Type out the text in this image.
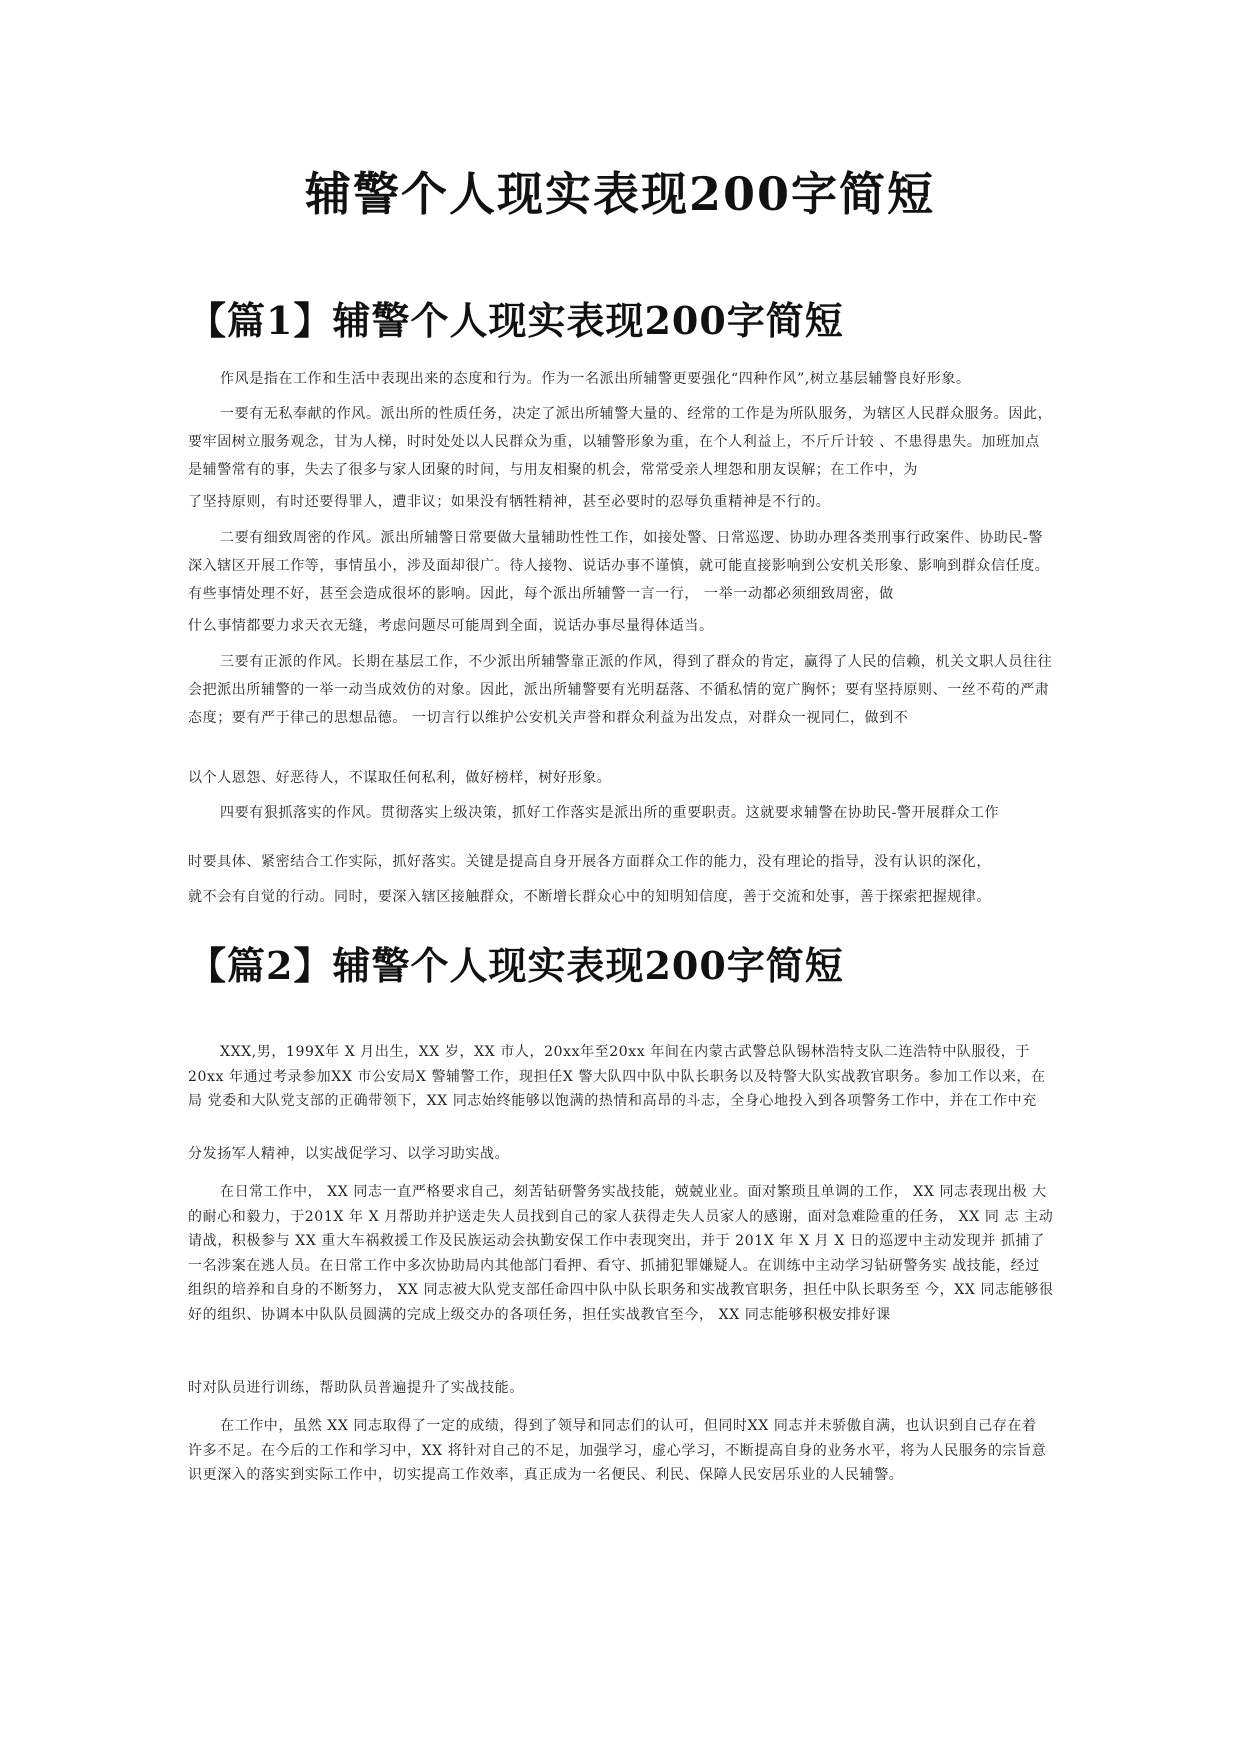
辅警个人现实表现200字简短
【篇1】辅警个人现实表现200字简短

作风是指在工作和生活中表现出来的态度和行为。作为一名派出所辅警更要强化“四种作风”,树立基层辅警良好形象。

一要有无私奉献的作风。派出所的性质任务，决定了派出所辅警大量的、经常的工作是为所队服务，为辖区人民群众服务。因此，要牢固树立服务观念，甘为人梯，时时处处以人民群众为重，以辅警形象为重，在个人利益上，不斤斤计较 、不患得患失。加班加点是辅警常有的事，失去了很多与家人团聚的时间，与用友相聚的机会，常常受亲人埋怨和朋友误解；在工作中，为

了坚持原则，有时还要得罪人，遭非议；如果没有牺牲精神，甚至必要时的忍辱负重精神是不行的。

二要有细致周密的作风。派出所辅警日常要做大量辅助性性工作，如接处警、日常巡逻、协助办理各类刑事行政案件、协助民-警深入辖区开展工作等，事情虽小，涉及面却很广。待人接物、说话办事不谨慎，就可能直接影响到公安机关形象、影响到群众信任度。有些事情处理不好，甚至会造成很坏的影响。因此，每个派出所辅警一言一行， 一举一动都必须细致周密，做

什么事情都要力求天衣无缝，考虑问题尽可能周到全面，说话办事尽量得体适当。

三要有正派的作风。长期在基层工作，不少派出所辅警靠正派的作风，得到了群众的肯定，赢得了人民的信赖，机关文职人员往往会把派出所辅警的一举一动当成效仿的对象。因此，派出所辅警要有光明磊落、不循私情的宽广胸怀；要有坚持原则、一丝不苟的严肃态度；要有严于律己的思想品德。 一切言行以维护公安机关声誉和群众利益为出发点，对群众一视同仁，做到不

以个人恩怨、好恶待人，不谋取任何私利，做好榜样，树好形象。

四要有狠抓落实的作风。贯彻落实上级决策，抓好工作落实是派出所的重要职责。这就要求辅警在协助民-警开展群众工作

时要具体、紧密结合工作实际，抓好落实。关键是提高自身开展各方面群众工作的能力，没有理论的指导，没有认识的深化，

就不会有自觉的行动。同时，要深入辖区接触群众，不断增长群众心中的知明知信度，善于交流和处事，善于探索把握规律。

【篇2】辅警个人现实表现200字简短

XXX,男，199X年 X 月出生，XX 岁，XX 市人，20xx年至20xx 年间在内蒙古武警总队锡林浩特支队二连浩特中队服役，于20xx 年通过考录参加XX 市公安局X 警辅警工作，现担任X 警大队四中队中队长职务以及特警大队实战教官职务。参加工作以来，在局 党委和大队党支部的正确带领下，XX 同志始终能够以饱满的热情和高昂的斗志，全身心地投入到各项警务工作中，并在工作中充

分发扬军人精神，以实战促学习、以学习助实战。

在日常工作中， XX 同志一直严格要求自己，刻苦钻研警务实战技能，兢兢业业。面对繁琐且单调的工作， XX 同志表现出极 大的耐心和毅力，于201X 年 X 月帮助并护送走失人员找到自己的家人获得走失人员家人的感谢，面对急难险重的任务， XX 同 志 主动请战，积极参与 XX 重大车祸救援工作及民族运动会执勤安保工作中表现突出，并于 201X 年 X 月 X 日的巡逻中主动发现并 抓捕了一名涉案在逃人员。在日常工作中多次协助局内其他部门看押、看守、抓捕犯罪嫌疑人。在训练中主动学习钻研警务实 战技能，经过组织的培养和自身的不断努力， XX 同志被大队党支部任命四中队中队长职务和实战教官职务，担任中队长职务至 今，XX 同志能够很好的组织、协调本中队队员圆满的完成上级交办的各项任务，担任实战教官至今， XX 同志能够积极安排好课

时对队员进行训练，帮助队员普遍提升了实战技能。

在工作中，虽然 XX 同志取得了一定的成绩，得到了领导和同志们的认可，但同时XX 同志并未骄傲自满，也认识到自己存在着 许多不足。在今后的工作和学习中，XX 将针对自己的不足，加强学习，虚心学习，不断提高自身的业务水平，将为人民服务的宗旨意 识更深入的落实到实际工作中，切实提高工作效率，真正成为一名便民、利民、保障人民安居乐业的人民辅警。
